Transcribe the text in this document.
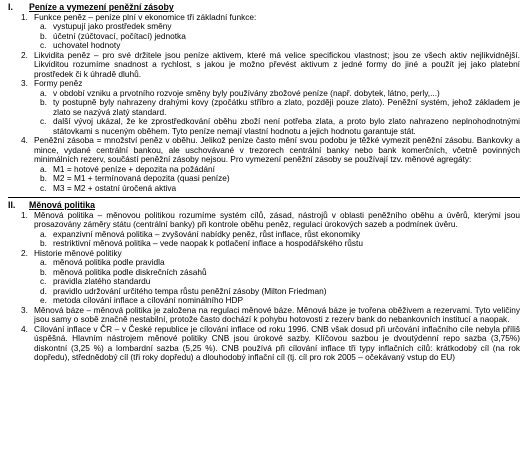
I.	Peníze a vymezení peněžní zásoby
1. Funkce peněz – peníze plní v ekonomice tři základní funkce:

a. vystupují jako prostředek směny
b. účetní (zúčtovací, počítací) jednotka
c. uchovatel hodnoty
2. Likvidita peněz – pro své držitele jsou peníze aktivem, které má velice specifickou vlastnost; jsou ze všech aktiv nejlikvidnější. Likviditou rozumíme snadnost a rychlost, s jakou je možno převést aktivum z jedné formy do jiné a použít jej jako platební prostředek či k úhradě dluhů.

3. Formy peněz

a. v období vzniku a prvotního rozvoje směny byly používány zbožové peníze (např. dobytek, látno, perly,...)
b. ty postupně byly nahrazeny drahými kovy (zpočátku stříbro a zlato, později pouze zlato). Peněžní systém, jehož základem je zlato se nazývá zlatý standard.
c. další vývoj ukázal, že ke zprostředkování oběhu zboží není potřeba zlata, a proto bylo zlato nahrazeno neplnohodnotnými státovkami s nuceným oběhem. Tyto peníze nemají vlastní hodnotu a jejich hodnotu garantuje stát.
4. Peněžní zásoba = množství peněz v oběhu. Jelikož peníze často mění svou podobu je těžké vymezit peněžní zásobu. Bankovky a mince, vydané centrální bankou, ale uschovávané v trezorech centrální banky nebo bank komerčních, včetně povinných minimálních rezerv, součástí peněžní zásoby nejsou. Pro vymezení peněžní zásoby se používají tzv. měnové agregáty:

a. M1 = hotové peníze + depozita na požádání
b. M2 = M1 + termínovaná depozita (quasi peníze)
c. M3 = M2 + ostatní úročená aktiva
II.	Měnová politika
1. Měnová politika – měnovou politikou rozumíme systém cílů, zásad, nástrojů v oblasti peněžního oběhu a úvěrů, kterými jsou prosazovány záměry státu (centrální banky) při kontrole oběhu peněz, regulaci úrokových sazeb a podmínek úvěru.

a. expanzivní měnová politika – zvyšování nabídky peněz, růst inflace, růst ekonomiky
b. restriktivní měnová politika – vede naopak k potlačení inflace a hospodářského růstu
2. Historie měnové politiky

a. měnová politika podle pravidla
b. měnová politika podle diskrečních zásahů
c. pravidla zlatého standardu
d. pravidlo udržování určitého tempa růstu peněžní zásoby (Milton Friedman)
e. metoda cílování inflace a cílování nominálního HDP
3. Měnová báze – měnová politika je založena na regulaci měnové báze. Měnová báze je tvořena oběživem a rezervami. Tyto veličiny jsou samy o sobě značně nestabilní, protože často dochází k pohybu hotovosti z rezerv bank do nebankovních institucí a naopak.

4. Cílování inflace v ČR – v České republice je cílování inflace od roku 1996. CNB však dosud při určování inflačního cíle nebyla příliš úspěšná. Hlavním nástrojem měnové politiky CNB jsou úrokové sazby. Klíčovou sazbou je dvoutýdenní repo sazba (3,75%) diskontní (3,25 %) a lombardní sazba (5,25 %). CNB používá při cílování inflace tři typy inflačních cílů: krátkodobý cíl (na rok dopředu), střednědobý cíl (tři roky dopředu) a dlouhodobý inflační cíl (tj. cíl pro rok 2005 – očekávaný vstup do EU)
